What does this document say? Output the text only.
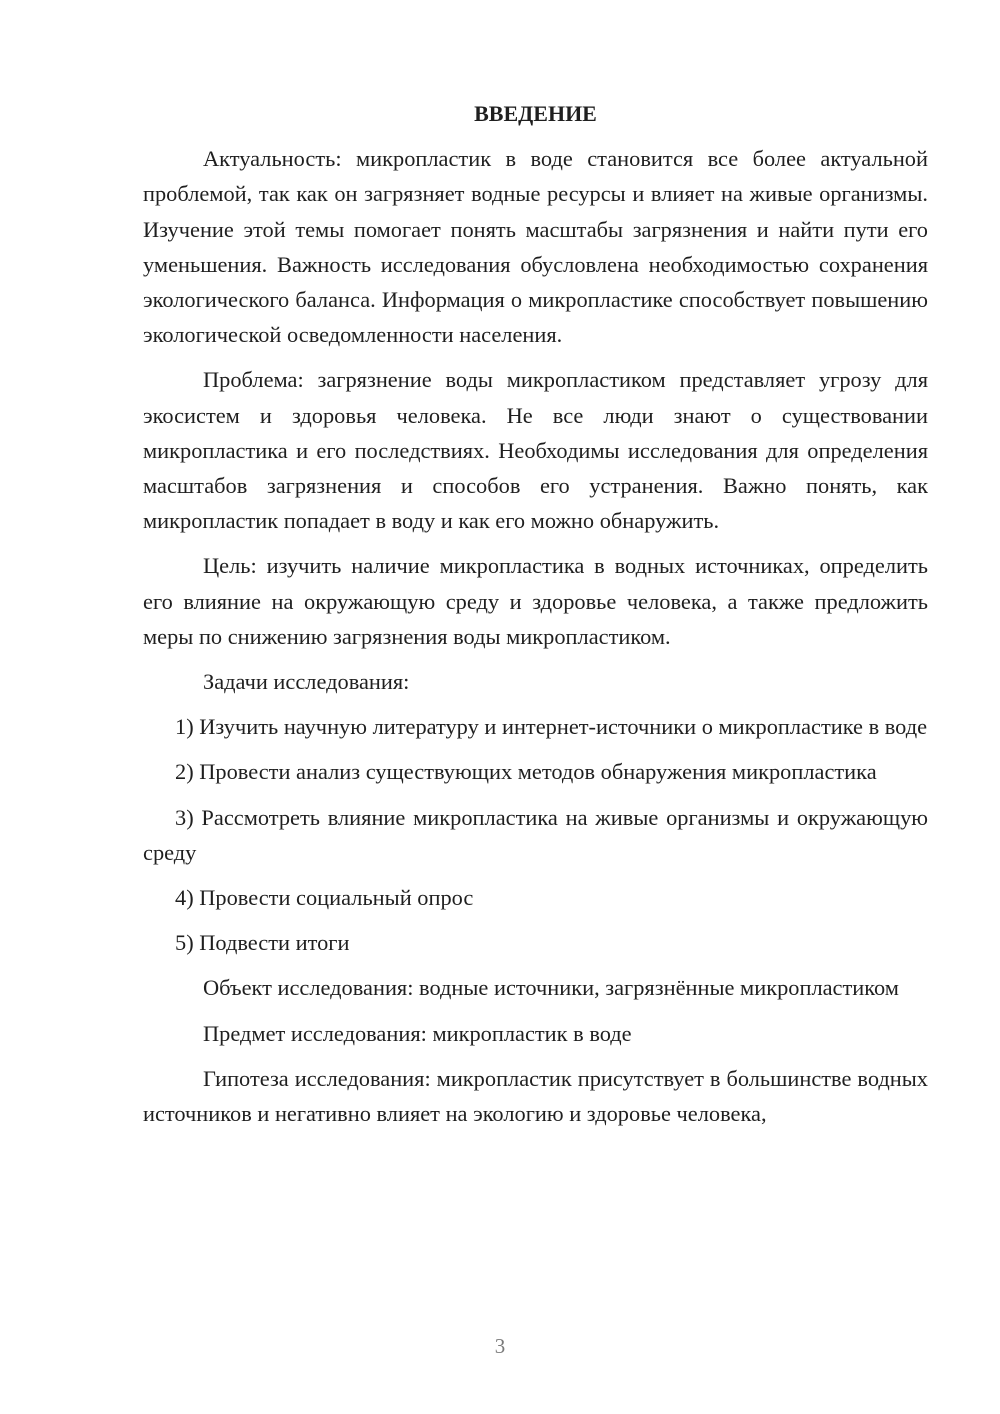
ВВЕДЕНИЕ

Актуальность: микропластик в воде становится все более актуальной проблемой, так как он загрязняет водные ресурсы и влияет на живые организмы. Изучение этой темы помогает понять масштабы загрязнения и найти пути его уменьшения. Важность исследования обусловлена необходимостью сохранения экологического баланса. Информация о микропластике способствует повышению экологической осведомленности населения.

Проблема: загрязнение воды микропластиком представляет угрозу для экосистем и здоровья человека. Не все люди знают о существовании микропластика и его последствиях. Необходимы исследования для определения масштабов загрязнения и способов его устранения. Важно понять, как микропластик попадает в воду и как его можно обнаружить.

Цель: изучить наличие микропластика в водных источниках, определить его влияние на окружающую среду и здоровье человека, а также предложить меры по снижению загрязнения воды микропластиком.

Задачи исследования:

1) Изучить научную литературу и интернет-источники о микропластике в воде

2) Провести анализ существующих методов обнаружения микропластика

3) Рассмотреть влияние микропластика на живые организмы и окружающую среду

4) Провести социальный опрос

5) Подвести итоги

Объект исследования: водные источники, загрязнённые микропластиком

Предмет исследования: микропластик в воде

Гипотеза исследования: микропластик присутствует в большинстве водных источников и негативно влияет на экологию и здоровье человека,

3
